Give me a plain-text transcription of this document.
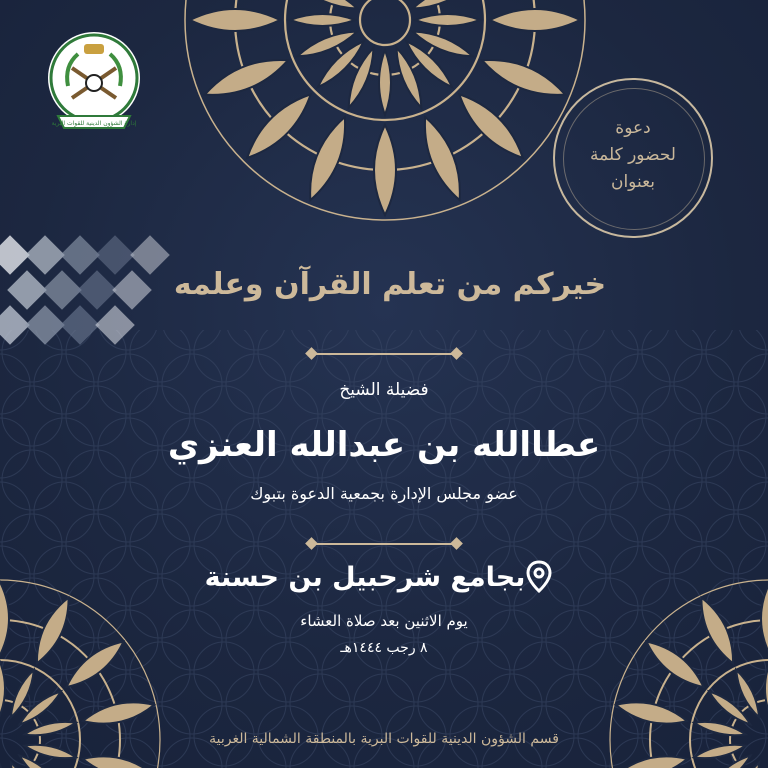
إدارة الشؤون الدينية للقوات البرية	دعوة
لحضور كلمة
بعنوان
خيركم من تعلم القرآن وعلمه
فضيلة الشيخ
عطاالله بن عبدالله العنزي
عضو مجلس الإدارة بجمعية الدعوة بتبوك
بجامع شرحبيل بن حسنة
يوم الاثنين بعد صلاة العشاء
٨ رجب ١٤٤٤هـ
قسم الشؤون الدينية للقوات البرية بالمنطقة الشمالية الغربية
